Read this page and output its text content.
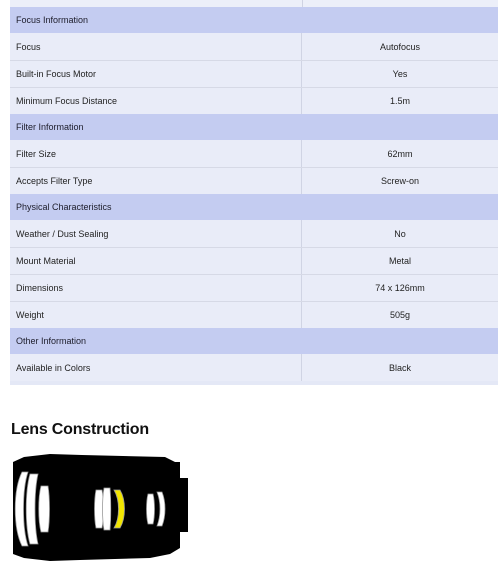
Focus Information
Focus	Autofocus
Built-in Focus Motor	Yes
Minimum Focus Distance	1.5m
Filter Information
Filter Size	62mm
Accepts Filter Type	Screw-on
Physical Characteristics
Weather / Dust Sealing	No
Mount Material	Metal
Dimensions	74 x 126mm
Weight	505g
Other Information
Available in Colors	Black
Lens Construction
